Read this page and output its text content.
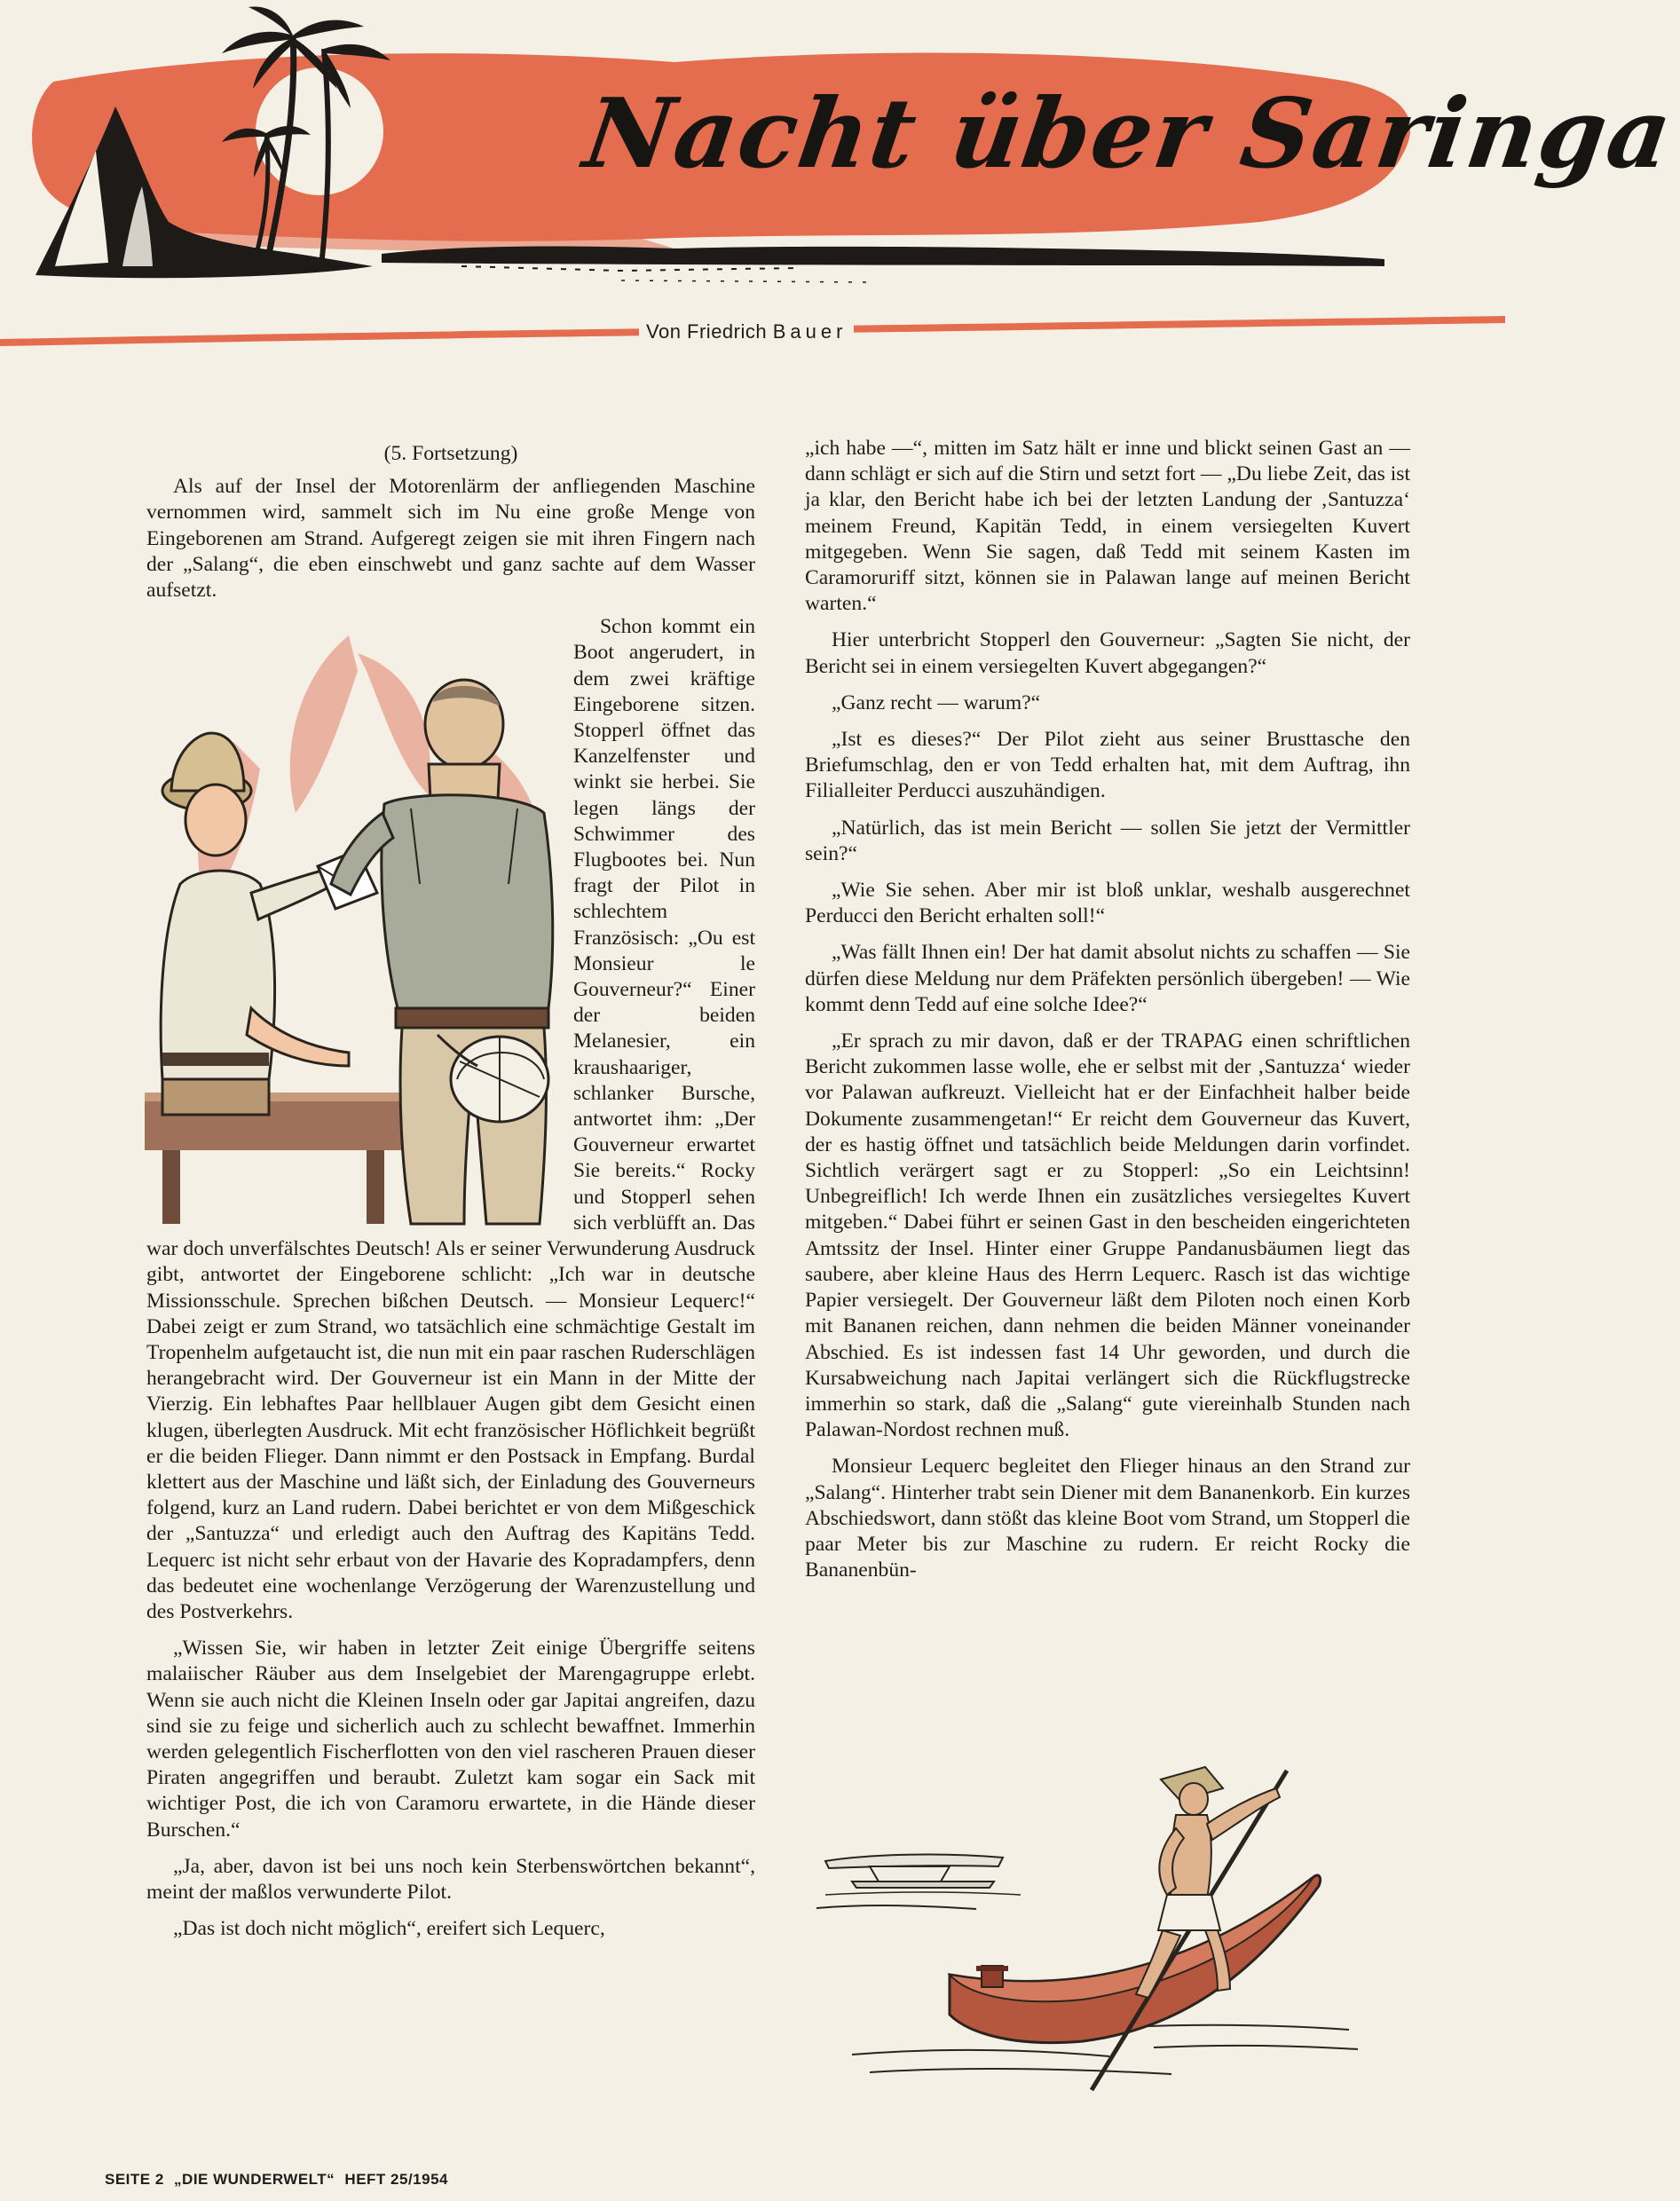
Nacht über Saringa
Von Friedrich Bauer

(5. Fortsetzung)

Als auf der Insel der Motorenlärm der anfliegenden Maschine vernommen wird, sammelt sich im Nu eine große Menge von Eingeborenen am Strand. Aufgeregt zeigen sie mit ihren Fingern nach der „Salang“, die eben einschwebt und ganz sachte auf dem Wasser aufsetzt.

Schon kommt ein Boot angerudert, in dem zwei kräftige Eingeborene sitzen. Stopperl öffnet das Kanzelfenster und winkt sie herbei. Sie legen längs der Schwimmer des Flugbootes bei. Nun fragt der Pilot in schlechtem Französisch: „Ou est Monsieur le Gouverneur?“ Einer der beiden Melanesier, ein kraushaariger, schlanker Bursche, antwortet ihm: „Der Gouverneur erwartet Sie bereits.“ Rocky und Stopperl sehen sich verblüfft an. Das war doch unverfälschtes Deutsch! Als er seiner Verwunderung Ausdruck gibt, antwortet der Eingeborene schlicht: „Ich war in deutsche Missionsschule. Sprechen bißchen Deutsch. — Monsieur Lequerc!“ Dabei zeigt er zum Strand, wo tatsächlich eine schmächtige Gestalt im Tropenhelm aufgetaucht ist, die nun mit ein paar raschen Ruderschlägen herangebracht wird. Der Gouverneur ist ein Mann in der Mitte der Vierzig. Ein lebhaftes Paar hellblauer Augen gibt dem Gesicht einen klugen, überlegten Ausdruck. Mit echt französischer Höflichkeit begrüßt er die beiden Flieger. Dann nimmt er den Postsack in Empfang. Burdal klettert aus der Maschine und läßt sich, der Einladung des Gouverneurs folgend, kurz an Land rudern. Dabei berichtet er von dem Mißgeschick der „Santuzza“ und erledigt auch den Auftrag des Kapitäns Tedd. Lequerc ist nicht sehr erbaut von der Havarie des Kopradampfers, denn das bedeutet eine wochenlange Verzögerung der Warenzustellung und des Postverkehrs.

„Wissen Sie, wir haben in letzter Zeit einige Übergriffe seitens malaiischer Räuber aus dem Inselgebiet der Marengagruppe erlebt. Wenn sie auch nicht die Kleinen Inseln oder gar Japitai angreifen, dazu sind sie zu feige und sicherlich auch zu schlecht bewaffnet. Immerhin werden gelegentlich Fischerflotten von den viel rascheren Prauen dieser Piraten angegriffen und beraubt. Zuletzt kam sogar ein Sack mit wichtiger Post, die ich von Caramoru erwartete, in die Hände dieser Burschen.“

„Ja, aber, davon ist bei uns noch kein Sterbenswörtchen bekannt“, meint der maßlos verwunderte Pilot.

„Das ist doch nicht möglich“, ereifert sich Lequerc,

„ich habe —“, mitten im Satz hält er inne und blickt seinen Gast an — dann schlägt er sich auf die Stirn und setzt fort — „Du liebe Zeit, das ist ja klar, den Bericht habe ich bei der letzten Landung der ‚Santuzza‘ meinem Freund, Kapitän Tedd, in einem versiegelten Kuvert mitgegeben. Wenn Sie sagen, daß Tedd mit seinem Kasten im Caramoruriff sitzt, können sie in Palawan lange auf meinen Bericht warten.“

Hier unterbricht Stopperl den Gouverneur: „Sagten Sie nicht, der Bericht sei in einem versiegelten Kuvert abgegangen?“

„Ganz recht — warum?“

„Ist es dieses?“ Der Pilot zieht aus seiner Brusttasche den Briefumschlag, den er von Tedd erhalten hat, mit dem Auftrag, ihn Filialleiter Perducci auszuhändigen.

„Natürlich, das ist mein Bericht — sollen Sie jetzt der Vermittler sein?“

„Wie Sie sehen. Aber mir ist bloß unklar, weshalb ausgerechnet Perducci den Bericht erhalten soll!“

„Was fällt Ihnen ein! Der hat damit absolut nichts zu schaffen — Sie dürfen diese Meldung nur dem Präfekten persönlich übergeben! — Wie kommt denn Tedd auf eine solche Idee?“

„Er sprach zu mir davon, daß er der TRAPAG einen schriftlichen Bericht zukommen lasse wolle, ehe er selbst mit der ‚Santuzza‘ wieder vor Palawan aufkreuzt. Vielleicht hat er der Einfachheit halber beide Dokumente zusammengetan!“ Er reicht dem Gouverneur das Kuvert, der es hastig öffnet und tatsächlich beide Meldungen darin vorfindet. Sichtlich verärgert sagt er zu Stopperl: „So ein Leichtsinn! Unbegreiflich! Ich werde Ihnen ein zusätzliches versiegeltes Kuvert mitgeben.“ Dabei führt er seinen Gast in den bescheiden eingerichteten Amtssitz der Insel. Hinter einer Gruppe Pandanusbäumen liegt das saubere, aber kleine Haus des Herrn Lequerc. Rasch ist das wichtige Papier versiegelt. Der Gouverneur läßt dem Piloten noch einen Korb mit Bananen reichen, dann nehmen die beiden Männer voneinander Abschied. Es ist indessen fast 14 Uhr geworden, und durch die Kursabweichung nach Japitai verlängert sich die Rückflugstrecke immerhin so stark, daß die „Salang“ gute viereinhalb Stunden nach Palawan-Nordost rechnen muß.

Monsieur Lequerc begleitet den Flieger hinaus an den Strand zur „Salang“. Hinterher trabt sein Diener mit dem Bananenkorb. Ein kurzes Abschiedswort, dann stößt das kleine Boot vom Strand, um Stopperl die paar Meter bis zur Maschine zu rudern. Er reicht Rocky die Bananenbün-

SEITE 2 „DIE WUNDERWELT“ HEFT 25/1954
